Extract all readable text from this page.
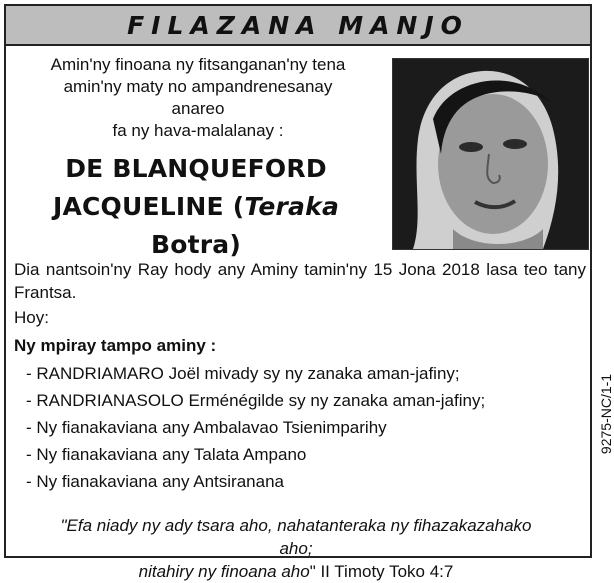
FILAZANA MANJO
Amin'ny finoana ny fitsanganan'ny tena
amin'ny maty no ampandrenesanay anareo
fa ny hava-malalanay :
DE BLANQUEFORD
JACQUELINE (Teraka Botra)
Dia nantsoin'ny Ray hody any Aminy tamin'ny 15 Jona 2018 lasa teo tany Frantsa.
Hoy:
Ny mpiray tampo aminy :
- RANDRIAMARO Joël mivady sy ny zanaka aman-jafiny;
- RANDRIANASOLO Erménégilde sy ny zanaka aman-jafiny;
- Ny fianakaviana any Ambalavao Tsienimparihy
- Ny fianakaviana any Talata Ampano
- Ny fianakaviana any Antsiranana
9275-NC/1-1
"Efa niady ny ady tsara aho, nahatanteraka ny fihazakazahako aho;
nitahiry ny finoana aho" II Timoty Toko 4:7
